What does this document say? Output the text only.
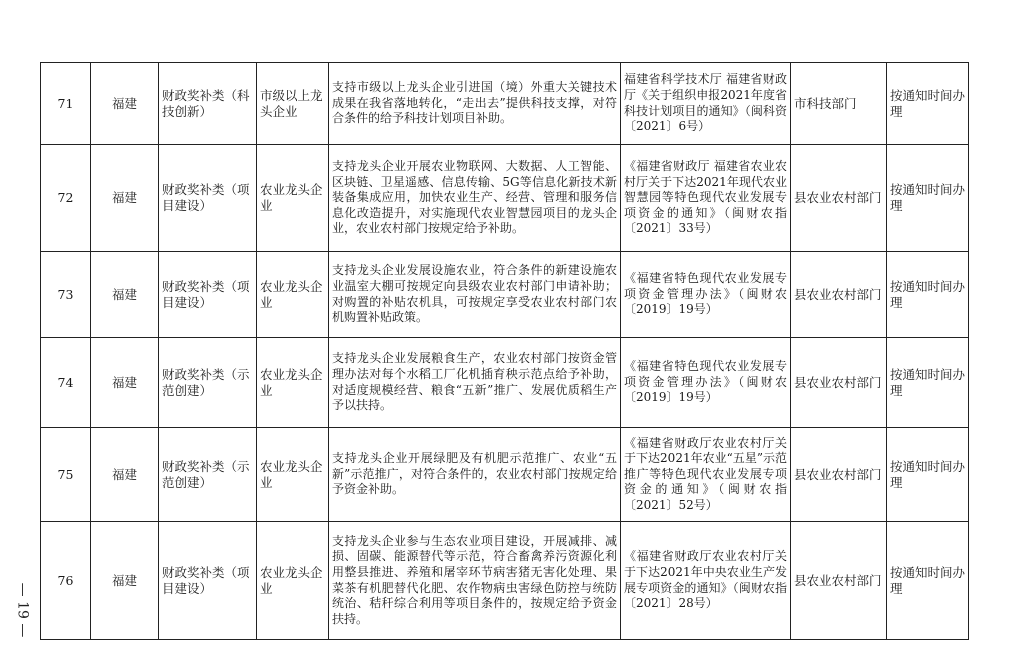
— 19 —
71	福建	财政奖补类（科技创新）	市级以上龙头企业	支持市级以上龙头企业引进国（境）外重大关键技术成果在我省落地转化，“走出去”提供科技支撑，对符合条件的给予科技计划项目补助。	福建省科学技术厅 福建省财政厅《关于组织申报2021年度省科技计划项目的通知》（闽科资〔2021〕6号）	市科技部门	按通知时间办理
72	福建	财政奖补类（项目建设）	农业龙头企业	支持龙头企业开展农业物联网、大数据、人工智能、区块链、卫星遥感、信息传输、5G等信息化新技术新装备集成应用，加快农业生产、经营、管理和服务信息化改造提升，对实施现代农业智慧园项目的龙头企业，农业农村部门按规定给予补助。	《福建省财政厅 福建省农业农村厅关于下达2021年现代农业智慧园等特色现代农业发展专项资金的通知》（闽财农指〔2021〕33号）	县农业农村部门	按通知时间办理
73	福建	财政奖补类（项目建设）	农业龙头企业	支持龙头企业发展设施农业，符合条件的新建设施农业温室大棚可按规定向县级农业农村部门申请补助；对购置的补贴农机具，可按规定享受农业农村部门农机购置补贴政策。	《福建省特色现代农业发展专项资金管理办法》（闽财农〔2019〕19号）	县农业农村部门	按通知时间办理
74	福建	财政奖补类（示范创建）	农业龙头企业	支持龙头企业发展粮食生产，农业农村部门按资金管理办法对每个水稻工厂化机插育秧示范点给予补助，对适度规模经营、粮食“五新”推广、发展优质稻生产予以扶持。	《福建省特色现代农业发展专项资金管理办法》（闽财农〔2019〕19号）	县农业农村部门	按通知时间办理
75	福建	财政奖补类（示范创建）	农业龙头企业	支持龙头企业开展绿肥及有机肥示范推广、农业“五新”示范推广，对符合条件的，农业农村部门按规定给予资金补助。	《福建省财政厅农业农村厅关于下达2021年农业“五星”示范推广等特色现代农业发展专项资金的通知》（闽财农指〔2021〕52号）	县农业农村部门	按通知时间办理
76	福建	财政奖补类（项目建设）	农业龙头企业	支持龙头企业参与生态农业项目建设，开展减排、减损、固碳、能源替代等示范，符合畜禽养污资源化利用整县推进、养殖和屠宰环节病害猪无害化处理、果菜茶有机肥替代化肥、农作物病虫害绿色防控与统防统治、秸秆综合利用等项目条件的，按规定给予资金扶持。	《福建省财政厅农业农村厅关于下达2021年中央农业生产发展专项资金的通知》（闽财农指〔2021〕28号）	县农业农村部门	按通知时间办理
